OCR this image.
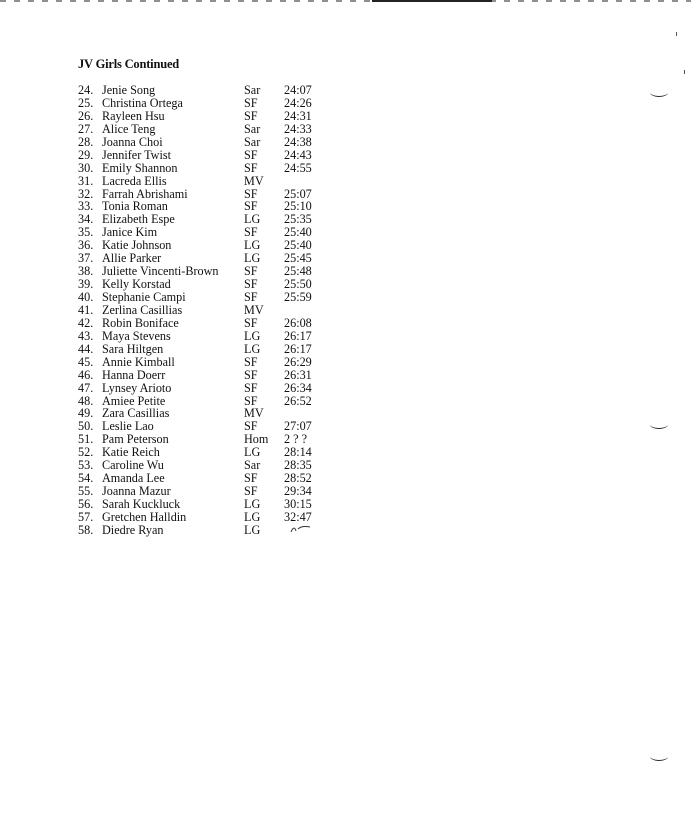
JV Girls Continued
24. Jenie Song	Sar 24:07
25. Christina Ortega	SF 24:26
26. Rayleen Hsu	SF 24:31
27. Alice Teng	Sar 24:33
28. Joanna Choi	Sar 24:38
29. Jennifer Twist	SF 24:43
30. Emily Shannon	SF 24:55
31. Lacreda Ellis	MV
32. Farrah Abrishami	SF 25:07
33. Tonia Roman	SF 25:10
34. Elizabeth Espe	LG 25:35
35. Janice Kim	SF 25:40
36. Katie Johnson	LG 25:40
37. Allie Parker	LG 25:45
38. Juliette Vincenti-Brown SF 25:48
39. Kelly Korstad	SF 25:50
40. Stephanie Campi	SF 25:59
41. Zerlina Casillias	MV
42. Robin Boniface	SF 26:08
43. Maya Stevens	LG 26:17
44. Sara Hiltgen	LG 26:17
45. Annie Kimball	SF 26:29
46. Hanna Doerr	SF 26:31
47. Lynsey Arioto	SF 26:34
48. Amiee Petite	SF 26:52
49. Zara Casillias	MV
50. Leslie Lao	SF 27:07
51. Pam Peterson	Hom 2 ? ?
52. Katie Reich	LG 28:14
53. Caroline Wu	Sar 28:35
54. Amanda Lee	SF 28:52
55. Joanna Mazur	SF 29:34
56. Sarah Kuckluck	LG 30:15
57. Gretchen Halldin	LG 32:47
58. Diedre Ryan	LG
